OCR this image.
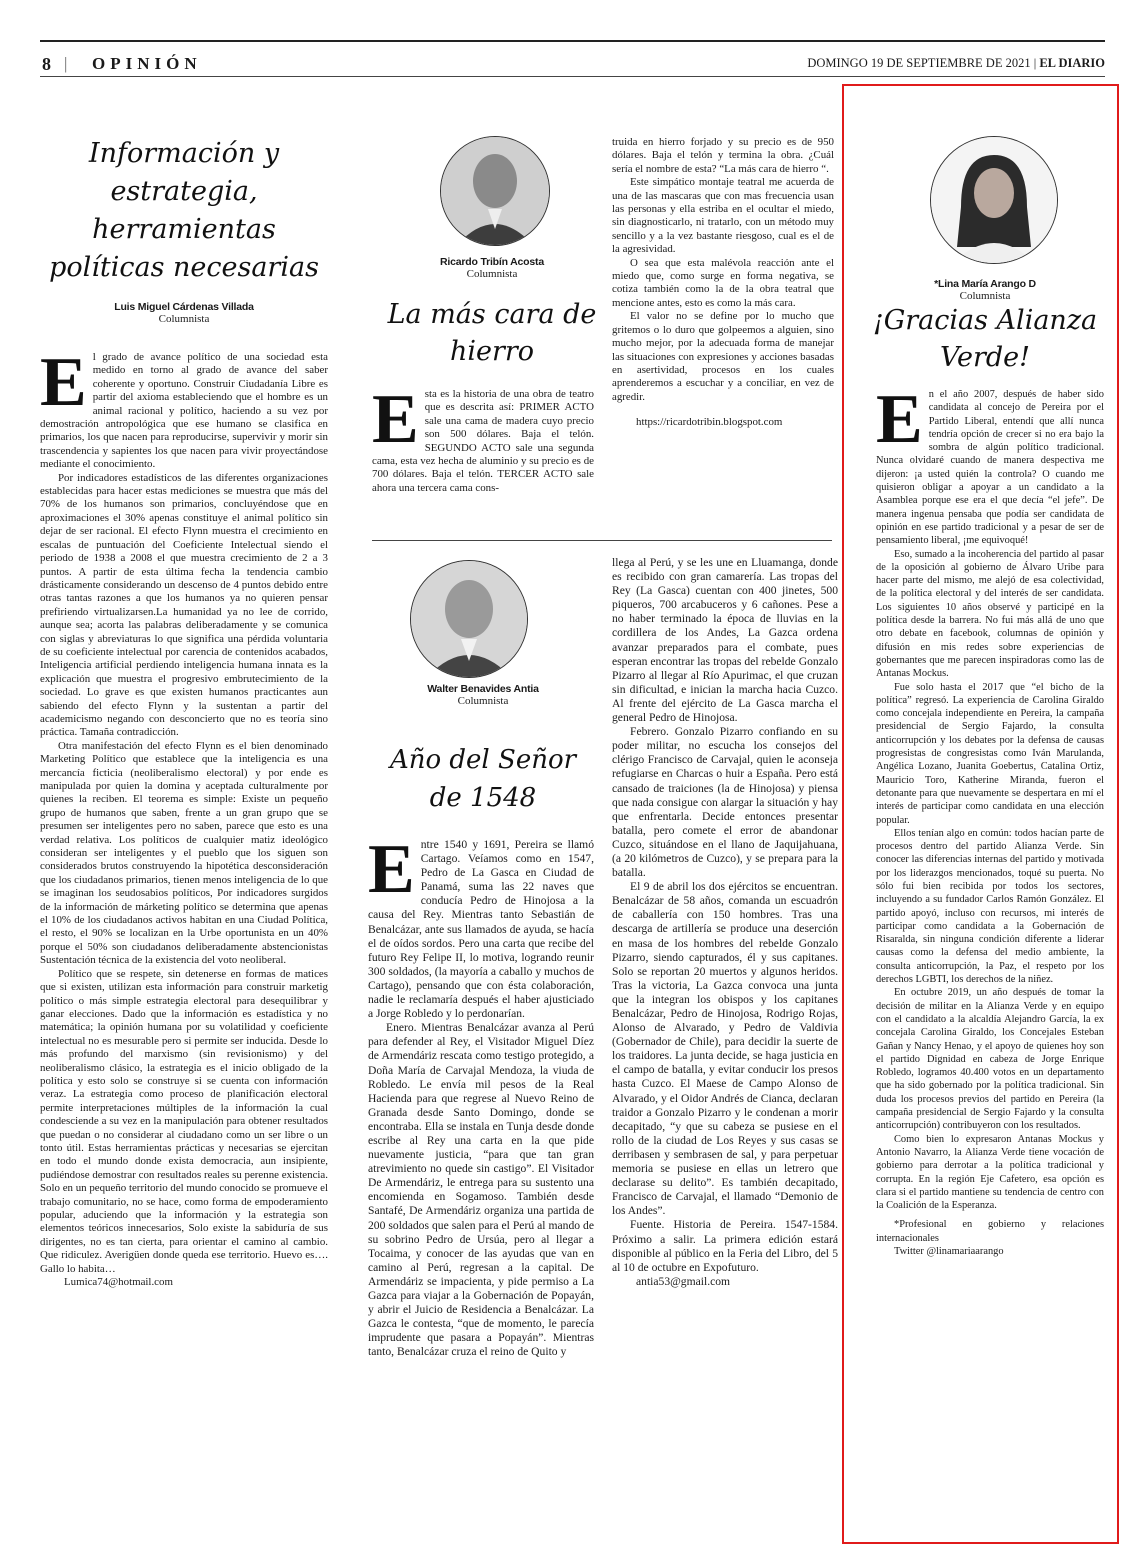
8 | OPINIÓN	DOMINGO 19 DE SEPTIEMBRE DE 2021 | EL DIARIO
Información y estrategia, herramientas políticas necesarias
Luis Miguel Cárdenas Villada
Columnista
E l grado de avance político de una sociedad esta medido en torno al grado de avance del saber coherente y oportuno. Construir Ciudadanía Libre es partir del axioma estableciendo que el hombre es un animal racional y político, haciendo a su vez por demostración antropológica que ese humano se clasifica en primarios, los que nacen para reproducirse, supervivir y morir sin trascendencia y sapientes los que nacen para vivir proyectándose mediante el conocimiento.

Por indicadores estadísticos de las diferentes organizaciones establecidas para hacer estas mediciones se muestra que más del 70% de los humanos son primarios, concluyéndose que en aproximaciones el 30% apenas constituye el animal político sin dejar de ser racional. El efecto Flynn muestra el crecimiento en escalas de puntuación del Coeficiente Intelectual siendo el periodo de 1938 a 2008 el que muestra crecimiento de 2 a 3 puntos. A partir de esta última fecha la tendencia cambio drásticamente considerando un descenso de 4 puntos debido entre otras tantas razones a que los humanos ya no quieren pensar prefiriendo virtualizarsen.La humanidad ya no lee de corrido, aunque sea; acorta las palabras deliberadamente y se comunica con siglas y abreviaturas lo que significa una pérdida voluntaria de su coeficiente intelectual por carencia de contenidos acabados, Inteligencia artificial perdiendo inteligencia humana innata es la explicación que muestra el progresivo embrutecimiento de la sociedad. Lo grave es que existen humanos practicantes aun sabiendo del efecto Flynn y la sustentan a partir del academicismo negando con desconcierto que no es teoría sino práctica. Tamaña contradicción.

Otra manifestación del efecto Flynn es el bien denominado Marketing Político que establece que la inteligencia es una mercancía ficticia (neoliberalismo electoral) y por ende es manipulada por quien la domina y aceptada culturalmente por quienes la reciben. El teorema es simple: Existe un pequeño grupo de humanos que saben, frente a un gran grupo que se presumen ser inteligentes pero no saben, parece que esto es una verdad relativa. Los políticos de cualquier matiz ideológico consideran ser inteligentes y el pueblo que los siguen son considerados brutos construyendo la hipotética desconsideración que los ciudadanos primarios, tienen menos inteligencia de lo que se imaginan los seudosabios políticos, Por indicadores surgidos de la información de márketing político se determina que apenas el 10% de los ciudadanos activos habitan en una Ciudad Política, el resto, el 90% se localizan en la Urbe oportunista en un 40% porque el 50% son ciudadanos deliberadamente abstencionistas Sustentación técnica de la existencia del voto neoliberal.

Político que se respete, sin detenerse en formas de matices que si existen, utilizan esta información para construir marketig político o más simple estrategia electoral para desequilibrar y ganar elecciones. Dado que la información es estadística y no matemática; la opinión humana por su volatilidad y coeficiente intelectual no es mesurable pero si permite ser inducida. Desde lo más profundo del marxismo (sin revisionismo) y del neoliberalismo clásico, la estrategia es el inicio obligado de la política y esto solo se construye si se cuenta con información veraz. La estrategia como proceso de planificación electoral permite interpretaciones múltiples de la información la cual condesciende a su vez en la manipulación para obtener resultados que puedan o no considerar al ciudadano como un ser libre o un tonto útil. Estas herramientas prácticas y necesarias se ejercitan en todo el mundo donde exista democracia, aun insipiente, pudiéndose demostrar con resultados reales su perenne existencia. Solo en un pequeño territorio del mundo conocido se promueve el trabajo comunitario, no se hace, como forma de empoderamiento popular, aduciendo que la información y la estrategia son elementos teóricos innecesarios, Solo existe la sabiduría de sus dirigentes, no es tan cierta, para orientar el camino al cambio. Que ridiculez. Averigüen donde queda ese territorio. Huevo es…. Gallo lo habita…

Lumica74@hotmail.com

Ricardo Tribín Acosta
Columnista
La más cara de hierro
E sta es la historia de una obra de teatro que es descrita así: PRIMER ACTO sale una cama de madera cuyo precio son 500 dólares. Baja el telón. SEGUNDO ACTO sale una segunda cama, esta vez hecha de aluminio y su precio es de 700 dólares. Baja el telón. TERCER ACTO sale ahora una tercera cama cons-

truida en hierro forjado y su precio es de 950 dólares. Baja el telón y termina la obra. ¿Cuál sería el nombre de esta? “La más cara de hierro “.

Este simpático montaje teatral me acuerda de una de las mascaras que con mas frecuencia usan las personas y ella estriba en el ocultar el miedo, sin diagnosticarlo, ni tratarlo, con un método muy sencillo y a la vez bastante riesgoso, cual es el de la agresividad.

O sea que esta malévola reacción ante el miedo que, como surge en forma negativa, se cotiza también como la de la obra teatral que mencione antes, esto es como la más cara.

El valor no se define por lo mucho que gritemos o lo duro que golpeemos a alguien, sino mucho mejor, por la adecuada forma de manejar las situaciones con expresiones y acciones basadas en asertividad, procesos en los cuales aprenderemos a escuchar y a conciliar, en vez de agredir.

https://ricardotribin.blogspot.com

Walter Benavides Antia
Columnista
Año del Señor de 1548
E ntre 1540 y 1691, Pereira se llamó Cartago. Veíamos como en 1547, Pedro de La Gasca en Ciudad de Panamá, suma las 22 naves que conducía Pedro de Hinojosa a la causa del Rey. Mientras tanto Sebastián de Benalcázar, ante sus llamados de ayuda, se hacía el de oídos sordos. Pero una carta que recibe del futuro Rey Felipe II, lo motiva, logrando reunir 300 soldados, (la mayoría a caballo y muchos de Cartago), pensando que con ésta colaboración, nadie le reclamaría después el haber ajusticiado a Jorge Robledo y lo perdonarían.

Enero. Mientras Benalcázar avanza al Perú para defender al Rey, el Visitador Miguel Díez de Armendáriz rescata como testigo protegido, a Doña María de Carvajal Mendoza, la viuda de Robledo. Le envía mil pesos de la Real Hacienda para que regrese al Nuevo Reino de Granada desde Santo Domingo, donde se encontraba. Ella se instala en Tunja desde donde escribe al Rey una carta en la que pide nuevamente justicia, “para que tan gran atrevimiento no quede sin castigo”. El Visitador De Armendáriz, le entrega para su sustento una encomienda en Sogamoso. También desde Santafé, De Armendáriz organiza una partida de 200 soldados que salen para el Perú al mando de su sobrino Pedro de Ursúa, pero al llegar a Tocaima, y conocer de las ayudas que van en camino al Perú, regresan a la capital. De Armendáriz se impacienta, y pide permiso a La Gazca para viajar a la Gobernación de Popayán, y abrir el Juicio de Residencia a Benalcázar. La Gazca le contesta, “que de momento, le parecía imprudente que pasara a Popayán”. Mientras tanto, Benalcázar cruza el reino de Quito y

llega al Perú, y se les une en Lluamanga, donde es recibido con gran camarería. Las tropas del Rey (La Gasca) cuentan con 400 jinetes, 500 piqueros, 700 arcabuceros y 6 cañones. Pese a no haber terminado la época de lluvias en la cordillera de los Andes, La Gazca ordena avanzar preparados para el combate, pues esperan encontrar las tropas del rebelde Gonzalo Pizarro al llegar al Río Apurimac, el que cruzan sin dificultad, e inician la marcha hacia Cuzco. Al frente del ejército de La Gasca marcha el general Pedro de Hinojosa.

Febrero. Gonzalo Pizarro confiando en su poder militar, no escucha los consejos del clérigo Francisco de Carvajal, quien le aconseja refugiarse en Charcas o huir a España. Pero está cansado de traiciones (la de Hinojosa) y piensa que nada consigue con alargar la situación y hay que enfrentarla. Decide entonces presentar batalla, pero comete el error de abandonar Cuzco, situándose en el llano de Jaquijahuana, (a 20 kilómetros de Cuzco), y se prepara para la batalla.

El 9 de abril los dos ejércitos se encuentran. Benalcázar de 58 años, comanda un escuadrón de caballería con 150 hombres. Tras una descarga de artillería se produce una deserción en masa de los hombres del rebelde Gonzalo Pizarro, siendo capturados, él y sus capitanes. Solo se reportan 20 muertos y algunos heridos. Tras la victoria, La Gazca convoca una junta que la integran los obispos y los capitanes Benalcázar, Pedro de Hinojosa, Rodrigo Rojas, Alonso de Alvarado, y Pedro de Valdivia (Gobernador de Chile), para decidir la suerte de los traidores. La junta decide, se haga justicia en el campo de batalla, y evitar conducir los presos hasta Cuzco. El Maese de Campo Alonso de Alvarado, y el Oidor Andrés de Cianca, declaran traidor a Gonzalo Pizarro y le condenan a morir decapitado, “y que su cabeza se pusiese en el rollo de la ciudad de Los Reyes y sus casas se derribasen y sembrasen de sal, y para perpetuar memoria se pusiese en ellas un letrero que declarase su delito”. Es también decapitado, Francisco de Carvajal, el llamado “Demonio de los Andes”.

Fuente. Historia de Pereira. 1547-1584. Próximo a salir. La primera edición estará disponible al público en la Feria del Libro, del 5 al 10 de octubre en Expofuturo.

antia53@gmail.com

*Lina María Arango D
Columnista
¡Gracias Alianza Verde!
E n el año 2007, después de haber sido candidata al concejo de Pereira por el Partido Liberal, entendí que allí nunca tendría opción de crecer si no era bajo la sombra de algún político tradicional. Nunca olvidaré cuando de manera despectiva me dijeron: ¡a usted quién la controla? O cuando me quisieron obligar a apoyar a un candidato a la Asamblea porque ese era el que decía “el jefe”. De manera ingenua pensaba que podía ser candidata de opinión en ese partido tradicional y a pesar de ser de pensamiento liberal, ¡me equivoqué!

Eso, sumado a la incoherencia del partido al pasar de la oposición al gobierno de Álvaro Uribe para hacer parte del mismo, me alejó de esa colectividad, de la política electoral y del interés de ser candidata. Los siguientes 10 años observé y participé en la política desde la barrera. No fui más allá de uno que otro debate en facebook, columnas de opinión y difusión en mis redes sobre experiencias de gobernantes que me parecen inspiradoras como las de Antanas Mockus.

Fue solo hasta el 2017 que “el bicho de la política” regresó. La experiencia de Carolina Giraldo como concejala independiente en Pereira, la campaña presidencial de Sergio Fajardo, la consulta anticorrupción y los debates por la defensa de causas progresistas de congresistas como Iván Marulanda, Angélica Lozano, Juanita Goebertus, Catalina Ortiz, Mauricio Toro, Katherine Miranda, fueron el detonante para que nuevamente se despertara en mí el interés de participar como candidata en una elección popular.

Ellos tenían algo en común: todos hacían parte de procesos dentro del partido Alianza Verde. Sin conocer las diferencias internas del partido y motivada por los liderazgos mencionados, toqué su puerta. No sólo fui bien recibida por todos los sectores, incluyendo a su fundador Carlos Ramón González. El partido apoyó, incluso con recursos, mi interés de participar como candidata a la Gobernación de Risaralda, sin ninguna condición diferente a liderar causas como la defensa del medio ambiente, la consulta anticorrupción, la Paz, el respeto por los derechos LGBTI, los derechos de la niñez.

En octubre 2019, un año después de tomar la decisión de militar en la Alianza Verde y en equipo con el candidato a la alcaldía Alejandro García, la ex concejala Carolina Giraldo, los Concejales Esteban Gañan y Nancy Henao, y el apoyo de quienes hoy son el partido Dignidad en cabeza de Jorge Enrique Robledo, logramos 40.400 votos en un departamento que ha sido gobernado por la política tradicional. Sin duda los procesos previos del partido en Pereira (la campaña presidencial de Sergio Fajardo y la consulta anticorrupción) contribuyeron con los resultados.

Como bien lo expresaron Antanas Mockus y Antonio Navarro, la Alianza Verde tiene vocación de gobierno para derrotar a la política tradicional y corrupta. En la región Eje Cafetero, esa opción es clara si el partido mantiene su tendencia de centro con la Coalición de la Esperanza.

*Profesional en gobierno y relaciones internacionales

Twitter @linamariaarango
